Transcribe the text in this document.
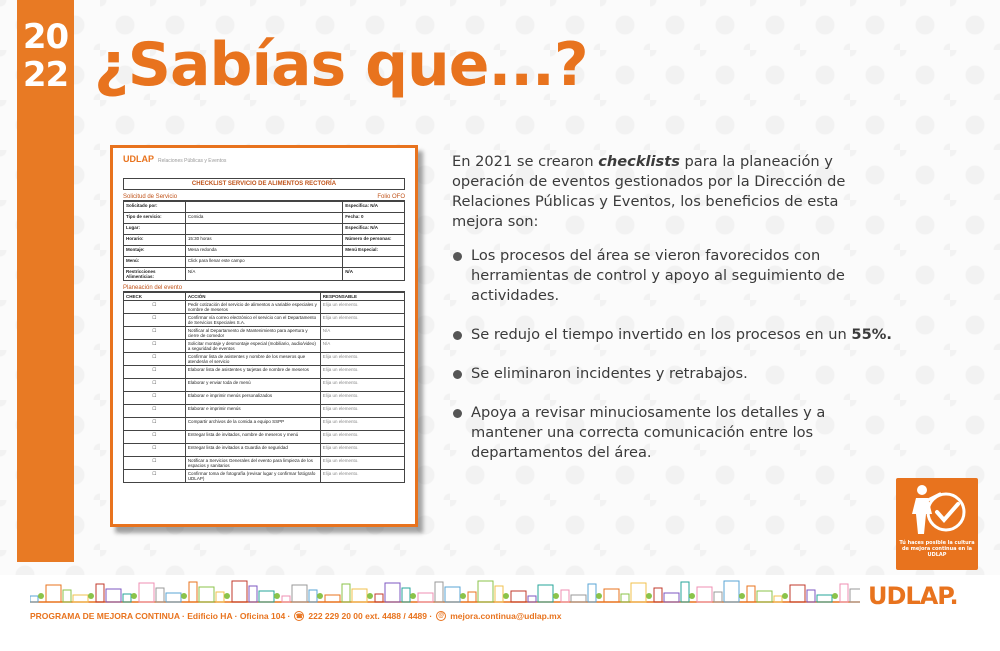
20
22 ¿Sabías que...?
UDLAP Relaciones Públicas y Eventos
CHECKLIST SERVICIO DE ALIMENTOS RECTORÍA
Solicitud de Servicio	Folio OFO
Solicitado por:		Especifica: N/A
Tipo de servicio:	Comida	Fecha: 0
Lugar:		Especifica: N/A
Horario:	15:30 horas	Número de personas:
Montaje:	Mesa redonda	Menú Especial:
Menú:	Click para llenar este campo	
Restricciones Alimenticias:	N/A	N/A
Planeación del evento
CHECK	ACCIÓN	RESPONSABLE
☐	Pedir cotización del servicio de alimentos a variable especiales y nombre de meseros	Elija un elemento.
☐	Confirmar vía correo electrónico el servicio con el Departamento de Servicios Especiales S.A.	Elija un elemento.
☐	Notificar al Departamento de Mantenimiento para apertura y cierre de comedor	N/A
☐	Solicitar montaje y desmontaje especial (mobiliario, audio/video) a seguridad de eventos	N/A
☐	Confirmar lista de asistentes y nombre de los meseros que atenderán el servicio	Elija un elemento.
☐	Elaborar lista de asistentes y tarjetas de nombre de meseros	Elija un elemento.
☐	Elaborar y enviar toda de menú	Elija un elemento.
☐	Elaborar e imprimir menús personalizados	Elija un elemento.
☐	Elaborar e imprimir menús	Elija un elemento.
☐	Compartir archivos de la comida a equipo SSPP	Elija un elemento.
☐	Entregar lista de invitados, nombre de meseros y menú	Elija un elemento.
☐	Entregar lista de invitados a Guardia de seguridad	Elija un elemento.
☐	Notificar a Servicios Generales del evento para limpieza de los espacios y sanitarios	Elija un elemento.
☐	Confirmar toma de fotografía (revisar lugar y confirmar fotógrafo UDLAP)	Elija un elemento.

En 2021 se crearon checklists para la planeación y operación de eventos gestionados por la Dirección de Relaciones Públicas y Eventos, los beneficios de esta mejora son:

Los procesos del área se vieron favorecidos con herramientas de control y apoyo al seguimiento de actividades.
Se redujo el tiempo invertido en los procesos en un 55%.
Se eliminaron incidentes y retrabajos.
Apoya a revisar minuciosamente los detalles y a mantener una correcta comunicación entre los departamentos del área.
Tú haces posible la cultura de mejora continua en la UDLAP
UDLAP.
PROGRAMA DE MEJORA CONTINUA · Edificio HA · Oficina 104 · ☎ 222 229 20 00 ext. 4488 / 4489 ·	@ mejora.continua@udlap.mx
